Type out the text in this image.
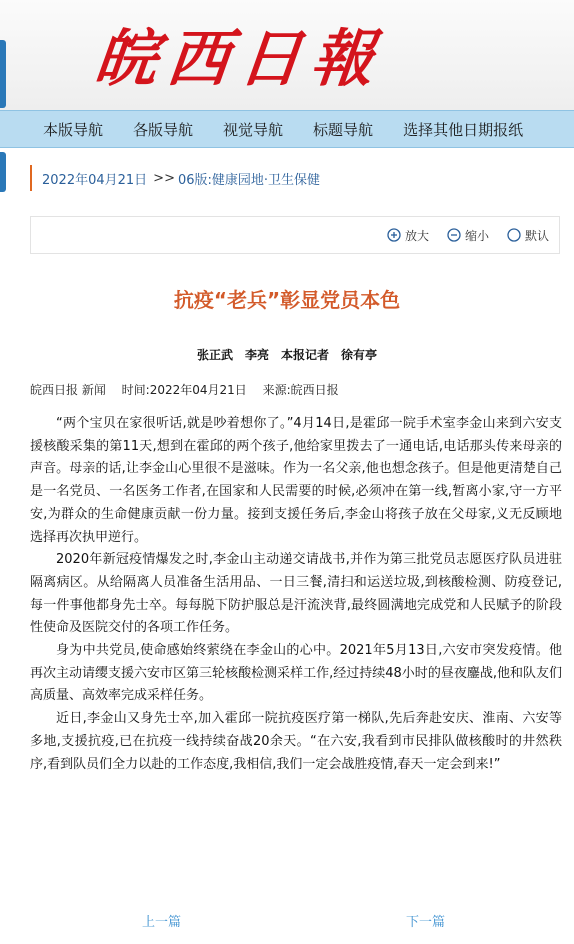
皖西日報
本版导航 各版导航 视觉导航 标题导航 选择其他日期报纸
2022年04月21日 >> 06版:健康园地·卫生保健
放大	缩小	默认
抗疫“老兵”彰显党员本色
张正武　李亮　本报记者　徐有亭
皖西日报 新闻 时间:2022年04月21日 来源:皖西日报

“两个宝贝在家很听话,就是吵着想你了。”4月14日,是霍邱一院手术室李金山来到六安支援核酸采集的第11天,想到在霍邱的两个孩子,他给家里拨去了一通电话,电话那头传来母亲的声音。母亲的话,让李金山心里很不是滋味。作为一名父亲,他也想念孩子。但是他更清楚自己是一名党员、一名医务工作者,在国家和人民需要的时候,必须冲在第一线,暂离小家,守一方平安,为群众的生命健康贡献一份力量。接到支援任务后,李金山将孩子放在父母家,义无反顾地选择再次执甲逆行。

2020年新冠疫情爆发之时,李金山主动递交请战书,并作为第三批党员志愿医疗队员进驻隔离病区。从给隔离人员准备生活用品、一日三餐,清扫和运送垃圾,到核酸检测、防疫登记,每一件事他都身先士卒。每每脱下防护服总是汗流浃背,最终圆满地完成党和人民赋予的阶段性使命及医院交付的各项工作任务。

身为中共党员,使命感始终萦绕在李金山的心中。2021年5月13日,六安市突发疫情。他再次主动请缨支援六安市区第三轮核酸检测采样工作,经过持续48小时的昼夜鏖战,他和队友们高质量、高效率完成采样任务。

近日,李金山又身先士卒,加入霍邱一院抗疫医疗第一梯队,先后奔赴安庆、淮南、六安等多地,支援抗疫,已在抗疫一线持续奋战20余天。“在六安,我看到市民排队做核酸时的井然秩序,看到队员们全力以赴的工作态度,我相信,我们一定会战胜疫情,春天一定会到来!”

上一篇	下一篇
